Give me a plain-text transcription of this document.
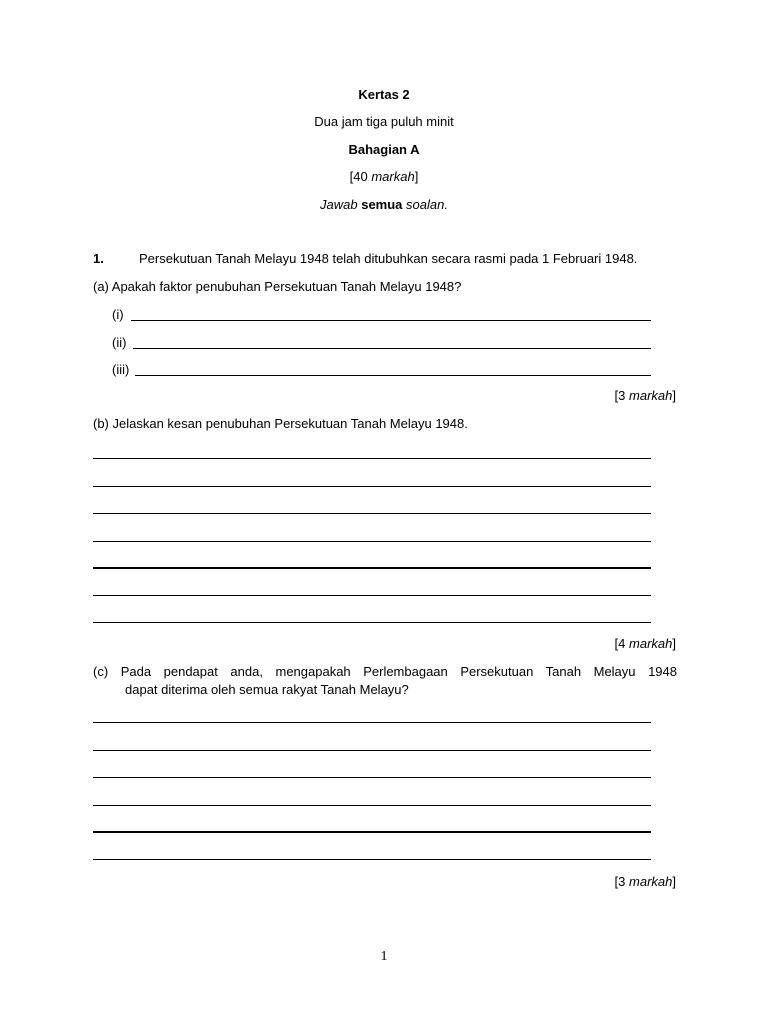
Kertas 2
Dua jam tiga puluh minit
Bahagian A
[40 markah]
Jawab semua soalan.
1.	Persekutuan Tanah Melayu 1948 telah ditubuhkan secara rasmi pada 1 Februari 1948.
(a) Apakah faktor penubuhan Persekutuan Tanah Melayu 1948?
(i)
(ii)
(iii)
[3 markah]
(b) Jelaskan kesan penubuhan Persekutuan Tanah Melayu 1948.
[4 markah]
(c) Pada pendapat anda, mengapakah Perlembagaan Persekutuan Tanah Melayu 1948
dapat diterima oleh semua rakyat Tanah Melayu?
[3 markah]
1
